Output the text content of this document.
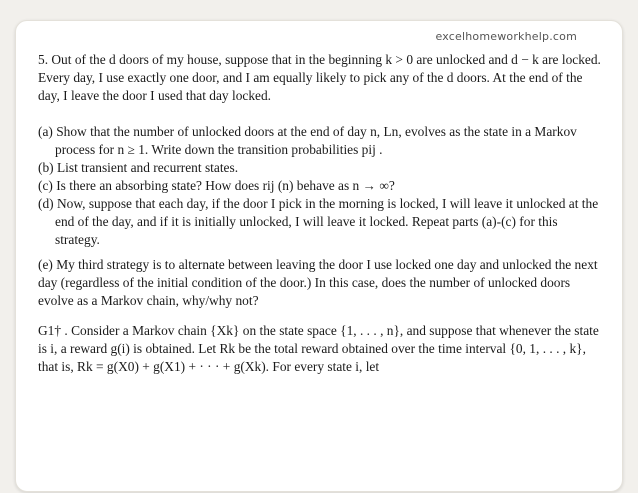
excelhomeworkhelp.com

5. Out of the d doors of my house, suppose that in the beginning k > 0 are unlocked and d − k are locked. Every day, I use exactly one door, and I am equally likely to pick any of the d doors. At the end of the day, I leave the door I used that day locked.

(a) Show that the number of unlocked doors at the end of day n, Ln, evolves as the state in a Markov process for n ≥ 1. Write down the transition probabilities pij .
(b) List transient and recurrent states.
(c) Is there an absorbing state? How does rij (n) behave as n → ∞?
(d) Now, suppose that each day, if the door I pick in the morning is locked, I will leave it unlocked at the end of the day, and if it is initially unlocked, I will leave it locked. Repeat parts (a)-(c) for this strategy.

(e) My third strategy is to alternate between leaving the door I use locked one day and unlocked the next day (regardless of the initial condition of the door.) In this case, does the number of unlocked doors evolve as a Markov chain, why/why not?

G1† . Consider a Markov chain {Xk} on the state space {1, . . . , n}, and suppose that whenever the state is i, a reward g(i) is obtained. Let Rk be the total reward obtained over the time interval {0, 1, . . . , k}, that is, Rk = g(X0) + g(X1) + · · · + g(Xk). For every state i, let
